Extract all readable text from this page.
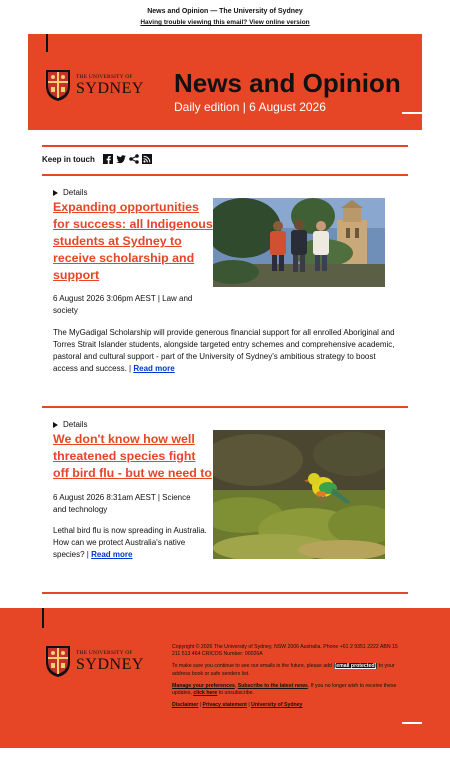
News and Opinion — The University of Sydney
Having trouble viewing this email? View online version
THE UNIVERSITY OF
SYDNEY News and Opinion
Daily edition | 6 August 2026
Keep in touch
Details
Expanding opportunities for success: all Indigenous students at Sydney to receive scholarship and support
6 August 2026 3:06pm AEST | Law and society
The MyGadigal Scholarship will provide generous financial support for all enrolled Aboriginal and Torres Strait Islander students, alongside targeted entry schemes and comprehensive academic, pastoral and cultural support - part of the University of Sydney's ambitious strategy to boost access and success. | Read more
Details
We don't know how well threatened species fight off bird flu - but we need to
6 August 2026 8:31am AEST | Science and technology
Lethal bird flu is now spreading in Australia. How can we protect Australia's native species? | Read more
THE UNIVERSITY OF
SYDNEY

Copyright © 2026 The University of Sydney, NSW 2006 Australia. Phone +61 2 9351 2222 ABN 15 211 513 464 CRICOS Number: 00026A

To make sure you continue to see our emails in the future, please add [email protected] to your address book or safe senders list.

Manage your preferences, Subscribe to the latest news. If you no longer wish to receive these updates, click here to unsubscribe.

Disclaimer | Privacy statement | University of Sydney
